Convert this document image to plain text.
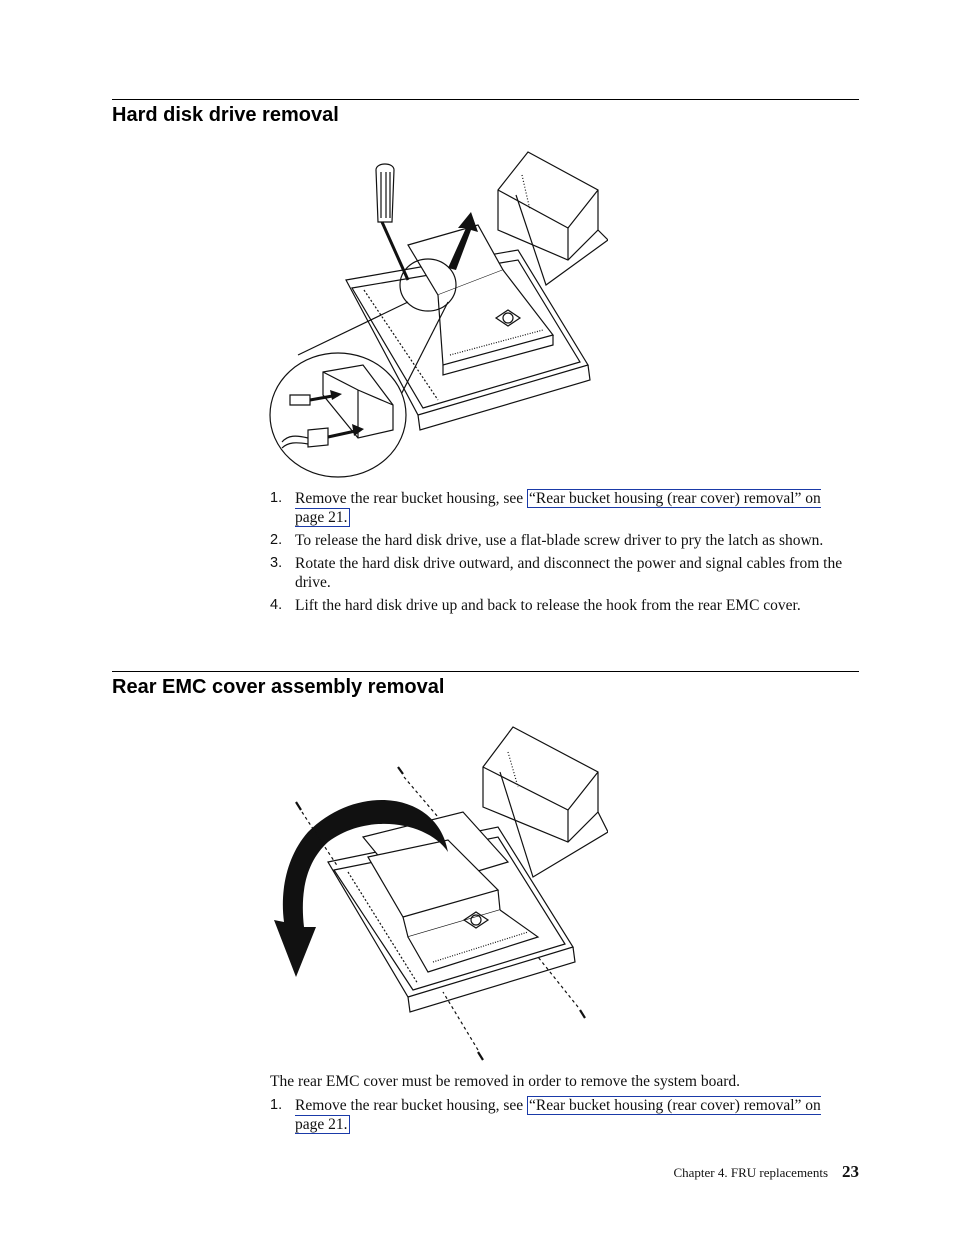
Hard disk drive removal
1. Remove the rear bucket housing, see “Rear bucket housing (rear cover) removal” on page 21.
2. To release the hard disk drive, use a flat-blade screw driver to pry the latch as shown.
3. Rotate the hard disk drive outward, and disconnect the power and signal cables from the drive.
4. Lift the hard disk drive up and back to release the hook from the rear EMC cover.
Rear EMC cover assembly removal

The rear EMC cover must be removed in order to remove the system board.

1. Remove the rear bucket housing, see “Rear bucket housing (rear cover) removal” on page 21.
Chapter 4. FRU replacements 23
